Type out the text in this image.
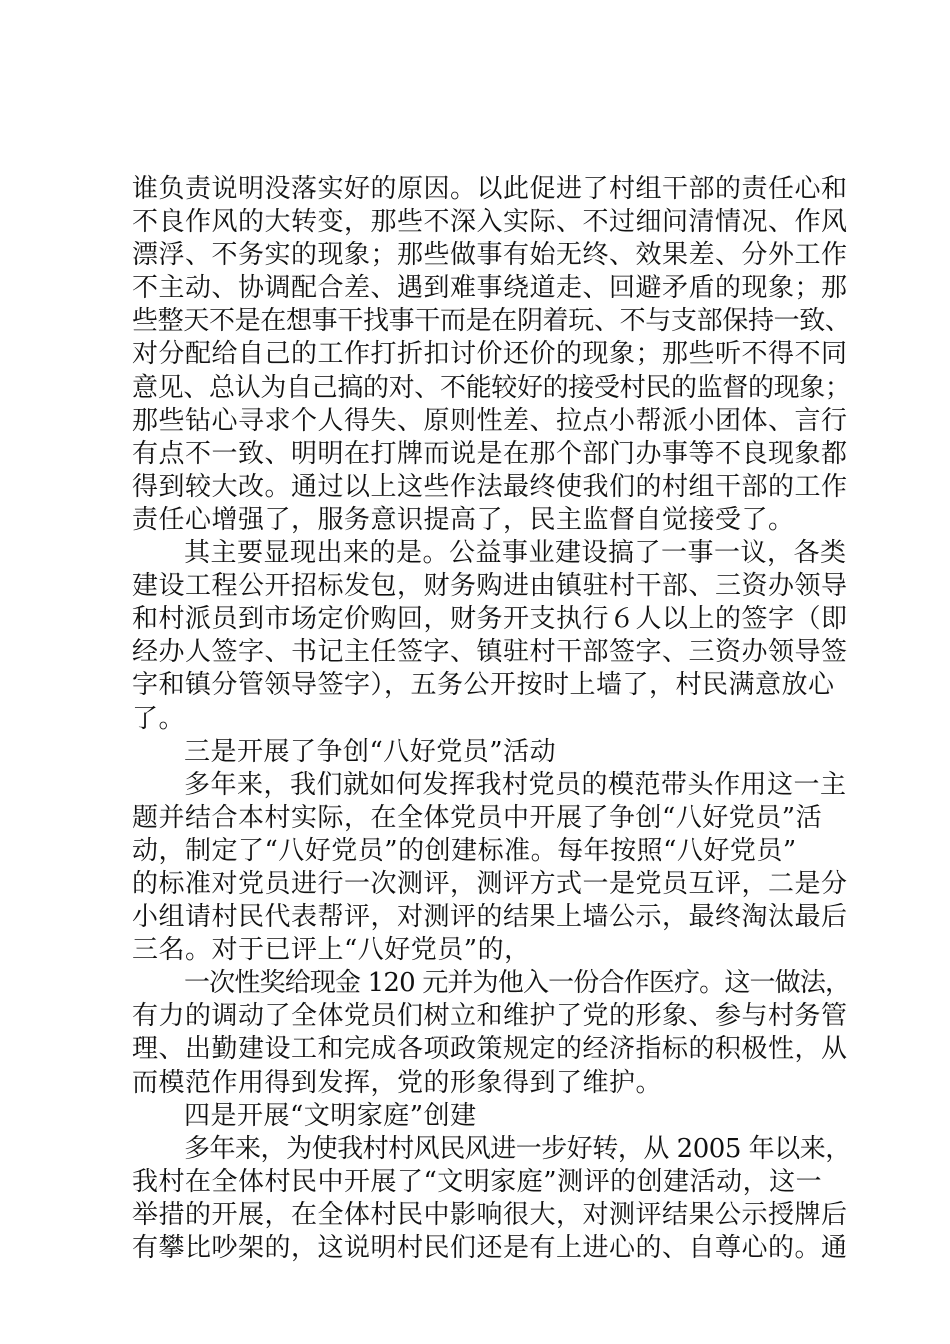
谁负责说明没落实好的原因。以此促进了村组干部的责任心和
不良作风的大转变，那些不深入实际、不过细问清情况、作风
漂浮、不务实的现象；那些做事有始无终、效果差、分外工作
不主动、协调配合差、遇到难事绕道走、回避矛盾的现象；那
些整天不是在想事干找事干而是在阴着玩、不与支部保持一致、
对分配给自己的工作打折扣讨价还价的现象；那些听不得不同
意见、总认为自己搞的对、不能较好的接受村民的监督的现象；
那些钻心寻求个人得失、原则性差、拉点小帮派小团体、言行
有点不一致、明明在打牌而说是在那个部门办事等不良现象都
得到较大改。通过以上这些作法最终使我们的村组干部的工作
责任心增强了，服务意识提高了，民主监督自觉接受了。
其主要显现出来的是。公益事业建设搞了一事一议，各类
建设工程公开招标发包，财务购进由镇驻村干部、三资办领导
和村派员到市场定价购回，财务开支执行６人以上的签字（即
经办人签字、书记主任签字、镇驻村干部签字、三资办领导签
字和镇分管领导签字），五务公开按时上墙了，村民满意放心
了。
三是开展了争创“八好党员”活动
多年来，我们就如何发挥我村党员的模范带头作用这一主
题并结合本村实际，在全体党员中开展了争创“八好党员”活
动，制定了“八好党员”的创建标准。每年按照“八好党员”
的标准对党员进行一次测评，测评方式一是党员互评，二是分
小组请村民代表帮评，对测评的结果上墙公示，最终淘汰最后
三名。对于已评上“八好党员”的，
一次性奖给现金 120 元并为他入一份合作医疗。这一做法，
有力的调动了全体党员们树立和维护了党的形象、参与村务管
理、出勤建设工和完成各项政策规定的经济指标的积极性，从
而模范作用得到发挥，党的形象得到了维护。
四是开展“文明家庭”创建
多年来，为使我村村风民风进一步好转，从 2005 年以来，
我村在全体村民中开展了“文明家庭”测评的创建活动，这一
举措的开展，在全体村民中影响很大，对测评结果公示授牌后
有攀比吵架的，这说明村民们还是有上进心的、自尊心的。通
